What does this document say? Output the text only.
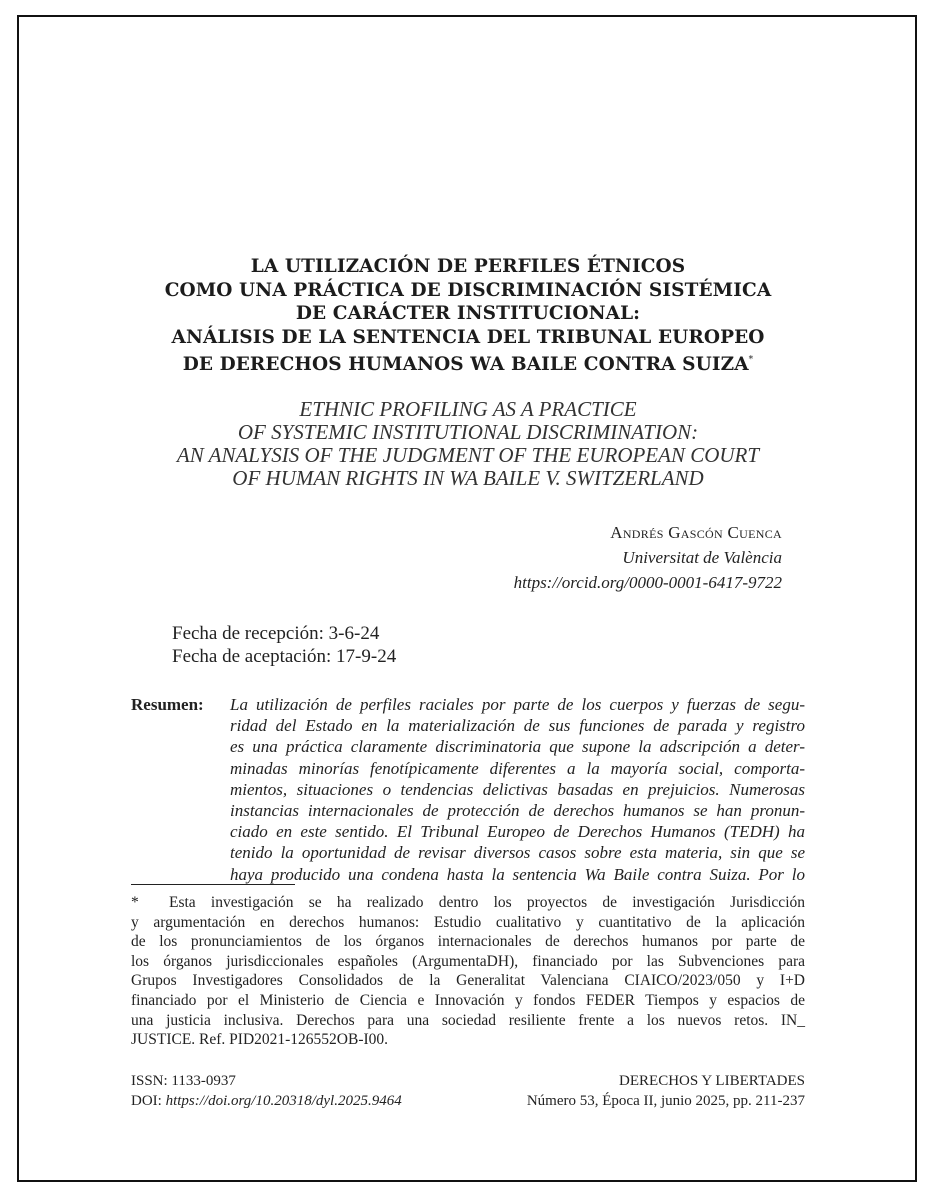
LA UTILIZACIÓN DE PERFILES ÉTNICOS
COMO UNA PRÁCTICA DE DISCRIMINACIÓN SISTÉMICA
DE CARÁCTER INSTITUCIONAL:
ANÁLISIS DE LA SENTENCIA DEL TRIBUNAL EUROPEO
DE DERECHOS HUMANOS WA BAILE CONTRA SUIZA*
ETHNIC PROFILING AS A PRACTICE
OF SYSTEMIC INSTITUTIONAL DISCRIMINATION:
AN ANALYSIS OF THE JUDGMENT OF THE EUROPEAN COURT
OF HUMAN RIGHTS IN WA BAILE V. SWITZERLAND
Andrés Gascón Cuenca
Universitat de València
https://orcid.org/0000-0001-6417-9722
Fecha de recepción: 3-6-24
Fecha de aceptación: 17-9-24
Resumen: La utilización de perfiles raciales por parte de los cuerpos y fuerzas de segu-
ridad del Estado en la materialización de sus funciones de parada y registro
es una práctica claramente discriminatoria que supone la adscripción a deter-
minadas minorías fenotípicamente diferentes a la mayoría social, comporta-
mientos, situaciones o tendencias delictivas basadas en prejuicios. Numerosas
instancias internacionales de protección de derechos humanos se han pronun-
ciado en este sentido. El Tribunal Europeo de Derechos Humanos (TEDH) ha
tenido la oportunidad de revisar diversos casos sobre esta materia, sin que se
haya producido una condena hasta la sentencia Wa Baile contra Suiza. Por lo
* Esta investigación se ha realizado dentro los proyectos de investigación Jurisdicción
y argumentación en derechos humanos: Estudio cualitativo y cuantitativo de la aplicación
de los pronunciamientos de los órganos internacionales de derechos humanos por parte de
los órganos jurisdiccionales españoles (ArgumentaDH), financiado por las Subvenciones para
Grupos Investigadores Consolidados de la Generalitat Valenciana CIAICO/2023/050 y I+D
financiado por el Ministerio de Ciencia e Innovación y fondos FEDER Tiempos y espacios de
una justicia inclusiva. Derechos para una sociedad resiliente frente a los nuevos retos. IN_
JUSTICE. Ref. PID2021-126552OB-I00.
ISSN: 1133-0937
DOI: https://doi.org/10.20318/dyl.2025.9464
DERECHOS Y LIBERTADES
Número 53, Época II, junio 2025, pp. 211-237
